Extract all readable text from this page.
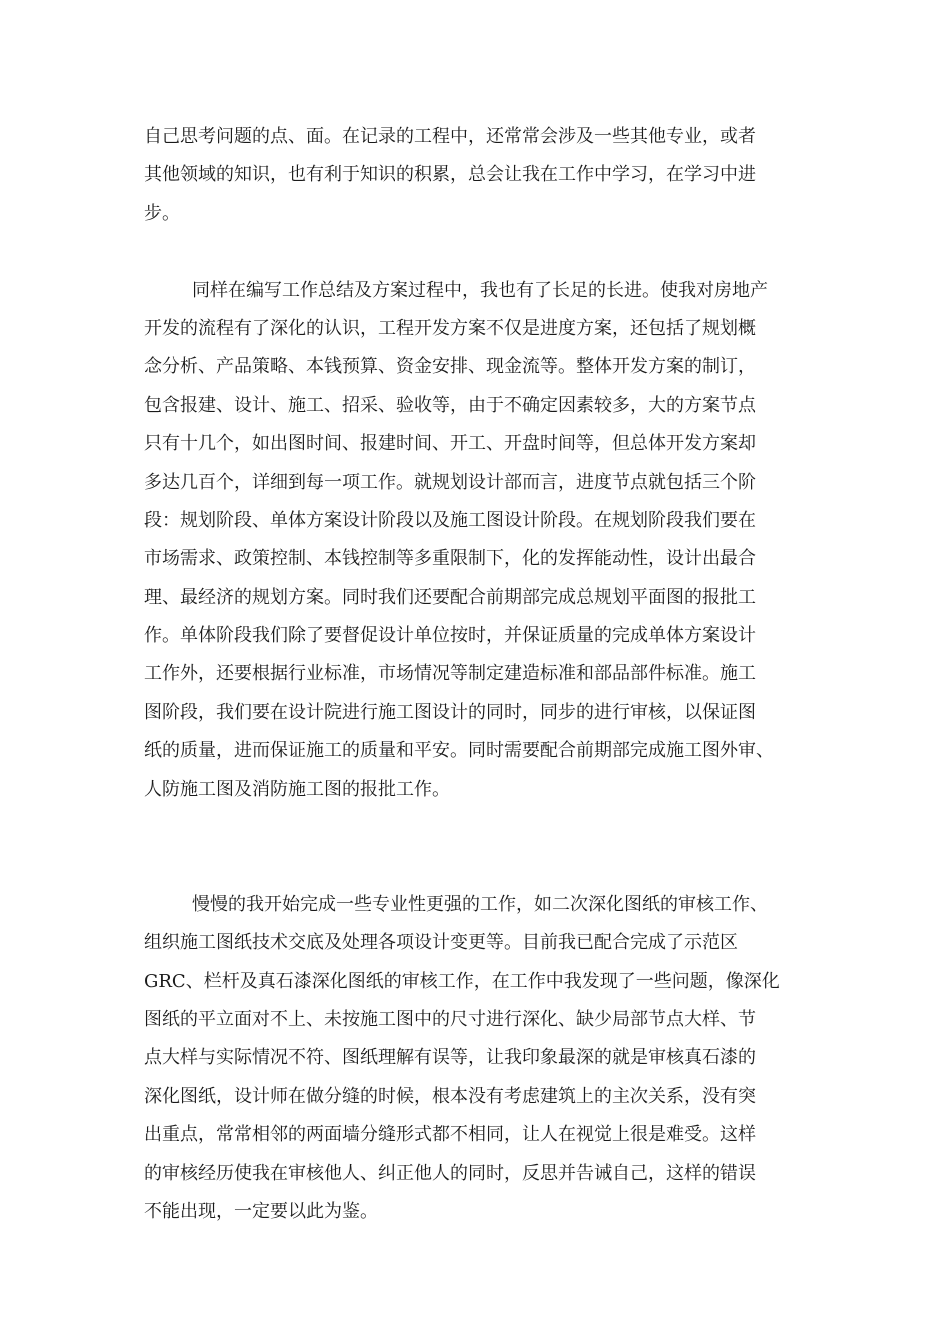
自己思考问题的点、面。在记录的工程中，还常常会涉及一些其他专业，或者
其他领域的知识，也有利于知识的积累，总会让我在工作中学习，在学习中进
步。
同样在编写工作总结及方案过程中，我也有了长足的长进。使我对房地产
开发的流程有了深化的认识，工程开发方案不仅是进度方案，还包括了规划概
念分析、产品策略、本钱预算、资金安排、现金流等。整体开发方案的制订，
包含报建、设计、施工、招采、验收等，由于不确定因素较多，大的方案节点
只有十几个，如出图时间、报建时间、开工、开盘时间等，但总体开发方案却
多达几百个，详细到每一项工作。就规划设计部而言，进度节点就包括三个阶
段：规划阶段、单体方案设计阶段以及施工图设计阶段。在规划阶段我们要在
市场需求、政策控制、本钱控制等多重限制下，化的发挥能动性，设计出最合
理、最经济的规划方案。同时我们还要配合前期部完成总规划平面图的报批工
作。单体阶段我们除了要督促设计单位按时，并保证质量的完成单体方案设计
工作外，还要根据行业标准，市场情况等制定建造标准和部品部件标准。施工
图阶段，我们要在设计院进行施工图设计的同时，同步的进行审核，以保证图
纸的质量，进而保证施工的质量和平安。同时需要配合前期部完成施工图外审、
人防施工图及消防施工图的报批工作。
慢慢的我开始完成一些专业性更强的工作，如二次深化图纸的审核工作、
组织施工图纸技术交底及处理各项设计变更等。目前我已配合完成了示范区
GRC、栏杆及真石漆深化图纸的审核工作，在工作中我发现了一些问题，像深化
图纸的平立面对不上、未按施工图中的尺寸进行深化、缺少局部节点大样、节
点大样与实际情况不符、图纸理解有误等，让我印象最深的就是审核真石漆的
深化图纸，设计师在做分缝的时候，根本没有考虑建筑上的主次关系，没有突
出重点，常常相邻的两面墙分缝形式都不相同，让人在视觉上很是难受。这样
的审核经历使我在审核他人、纠正他人的同时，反思并告诫自己，这样的错误
不能出现，一定要以此为鉴。
